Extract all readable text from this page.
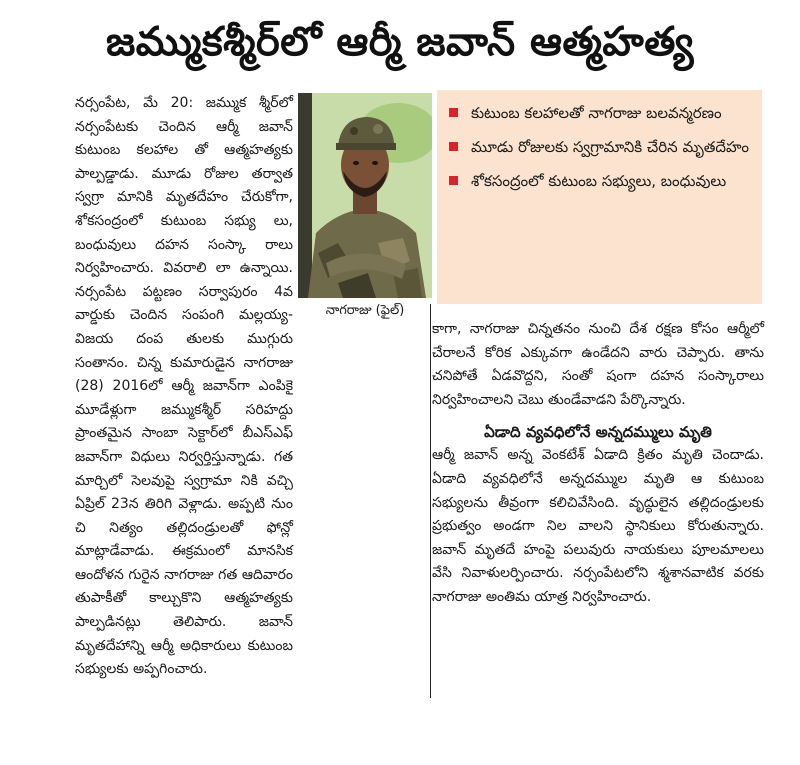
జమ్ముకశ్మీర్‌లో ఆర్మీ జవాన్‌ ఆత్మహత్య

నర్సంపేట, మే 20: జమ్ముక శ్మీర్‌లో నర్సంపేటకు చెందిన ఆర్మీ జవాన్‌ కుటుంబ కలహాల తో ఆత్మహత్యకు పాల్పడ్డాడు. మూడు రోజుల తర్వాత స్వగ్రా మానికి మృతదేహం చేరుకోగా, శోకసంద్రంలో కుటుంబ సభ్యు లు, బంధువులు దహన సంస్కా రాలు నిర్వహించారు. వివరాలి లా ఉన్నాయి. నర్సంపేట పట్టణం సర్వాపురం 4వ వార్డుకు చెందిన సంపంగి మల్లయ్య-విజయ దంప తులకు ముగ్గురు సంతానం. చిన్న కుమారుడైన నాగరాజు (28) 2016లో ఆర్మీ జవాన్‌గా ఎంపికై మూడేళ్లుగా జమ్ముకశ్మీర్‌ సరిహద్దు ప్రాంతమైన సాంబా సెక్టార్‌లో బీఎస్‌ఎఫ్‌ జవాన్‌గా విధులు నిర్వర్తిస్తున్నాడు. గత మార్చిలో సెలవుపై స్వగ్రామా నికి వచ్చి ఏప్రిల్‌ 23న తిరిగి వెళ్లాడు. అప్పటి నుం చి నిత్యం తల్లిదండ్రులతో ఫోన్లో మాట్లాడేవాడు. ఈక్రమంలో మానసిక ఆందోళన గురైన నాగరాజు గత ఆదివారం తుపాకీతో కాల్చుకొని ఆత్మహత్యకు పాల్పడినట్లు తెలిపారు. జవాన్‌ మృతదేహాన్ని ఆర్మీ అధికారులు కుటుంబ సభ్యులకు అప్పగించారు.

నాగరాజు (ఫైల్‌)
కుటుంబ కలహాలతో నాగరాజు బలవన్మరణం
మూడు రోజులకు స్వగ్రామానికి చేరిన మృతదేహం
శోకసంద్రంలో కుటుంబ సభ్యులు, బంధువులు

కాగా, నాగరాజు చిన్నతనం నుంచి దేశ రక్షణ కోసం ఆర్మీలో చేరాలనే కోరిక ఎక్కువగా ఉండేదని వారు చెప్పారు. తాను చనిపోతే ఏడవొద్దని, సంతో షంగా దహన సంస్కారాలు నిర్వహించాలని చెబు తుండేవాడని పేర్కొన్నారు.

ఏడాది వ్యవధిలోనే అన్నదమ్ములు మృతి

ఆర్మీ జవాన్‌ అన్న వెంకటేశ్‌ ఏడాది క్రితం మృతి చెందాడు. ఏడాది వ్యవధిలోనే అన్నదమ్ముల మృతి ఆ కుటుంబ సభ్యులను తీవ్రంగా కలిచివేసింది. వృద్ధులైన తల్లిదండ్రులకు ప్రభుత్వం అండగా నిల వాలని స్థానికులు కోరుతున్నారు. జవాన్‌ మృతదే హంపై పలువురు నాయకులు పూలమాలలు వేసి నివాళులర్పించారు. నర్సంపేటలోని శ్మశానవాటిక వరకు నాగరాజు అంతిమ యాత్ర నిర్వహించారు.
